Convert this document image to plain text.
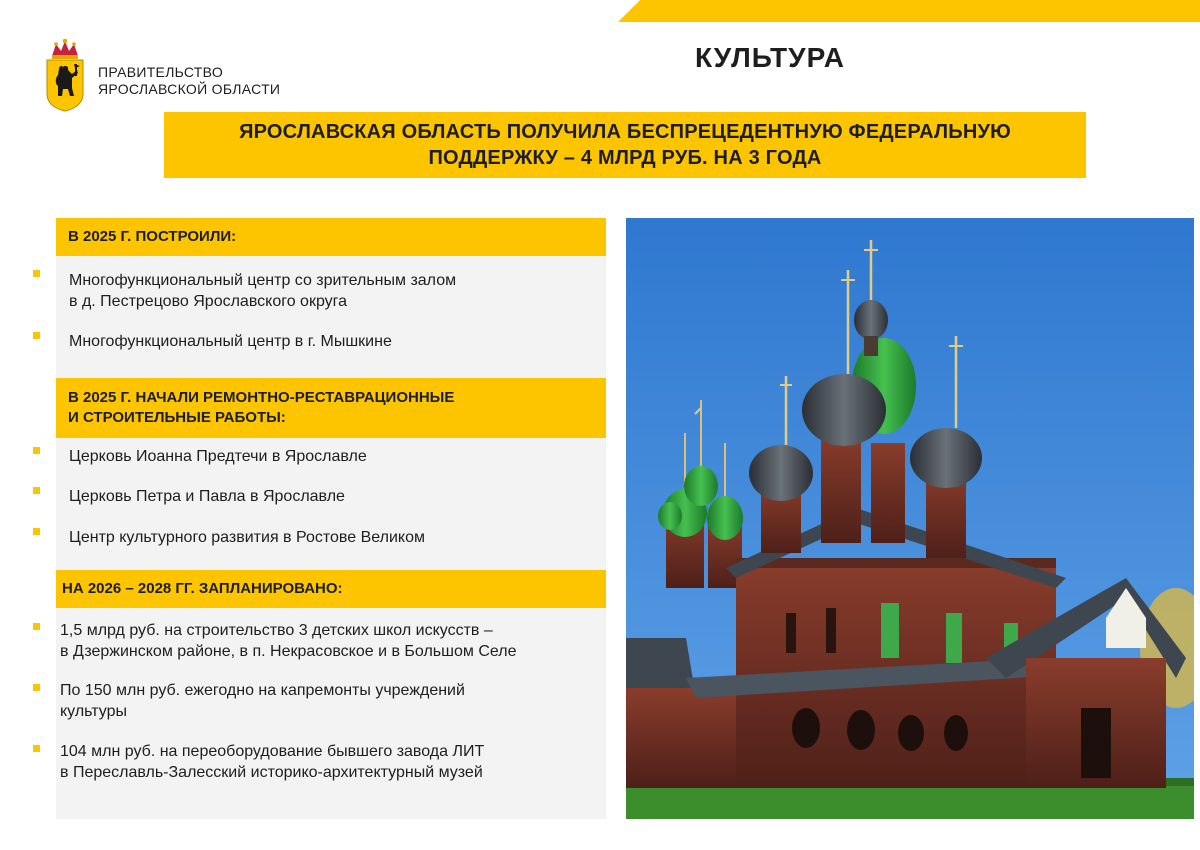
ПРАВИТЕЛЬСТВО
ЯРОСЛАВСКОЙ ОБЛАСТИ
КУЛЬТУРА
ЯРОСЛАВСКАЯ ОБЛАСТЬ ПОЛУЧИЛА БЕСПРЕЦЕДЕНТНУЮ ФЕДЕРАЛЬНУЮ
ПОДДЕРЖКУ – 4 МЛРД РУБ. НА 3 ГОДА
В 2025 Г. ПОСТРОИЛИ:
Многофункциональный центр со зрительным залом
в д. Пестрецово Ярославского округа
Многофункциональный центр в г. Мышкине
В 2025 Г. НАЧАЛИ РЕМОНТНО-РЕСТАВРАЦИОННЫЕ
И СТРОИТЕЛЬНЫЕ РАБОТЫ:
Церковь Иоанна Предтечи в Ярославле
Церковь Петра и Павла в Ярославле
Центр культурного развития в Ростове Великом
НА 2026 – 2028 ГГ. ЗАПЛАНИРОВАНО:
1,5 млрд руб. на строительство 3 детских школ искусств –
в Дзержинском районе, в п. Некрасовское и в Большом Селе
По 150 млн руб. ежегодно на капремонты учреждений
культуры
104 млн руб. на переоборудование бывшего завода ЛИТ
в Переславль-Залесский историко-архитектурный музей
